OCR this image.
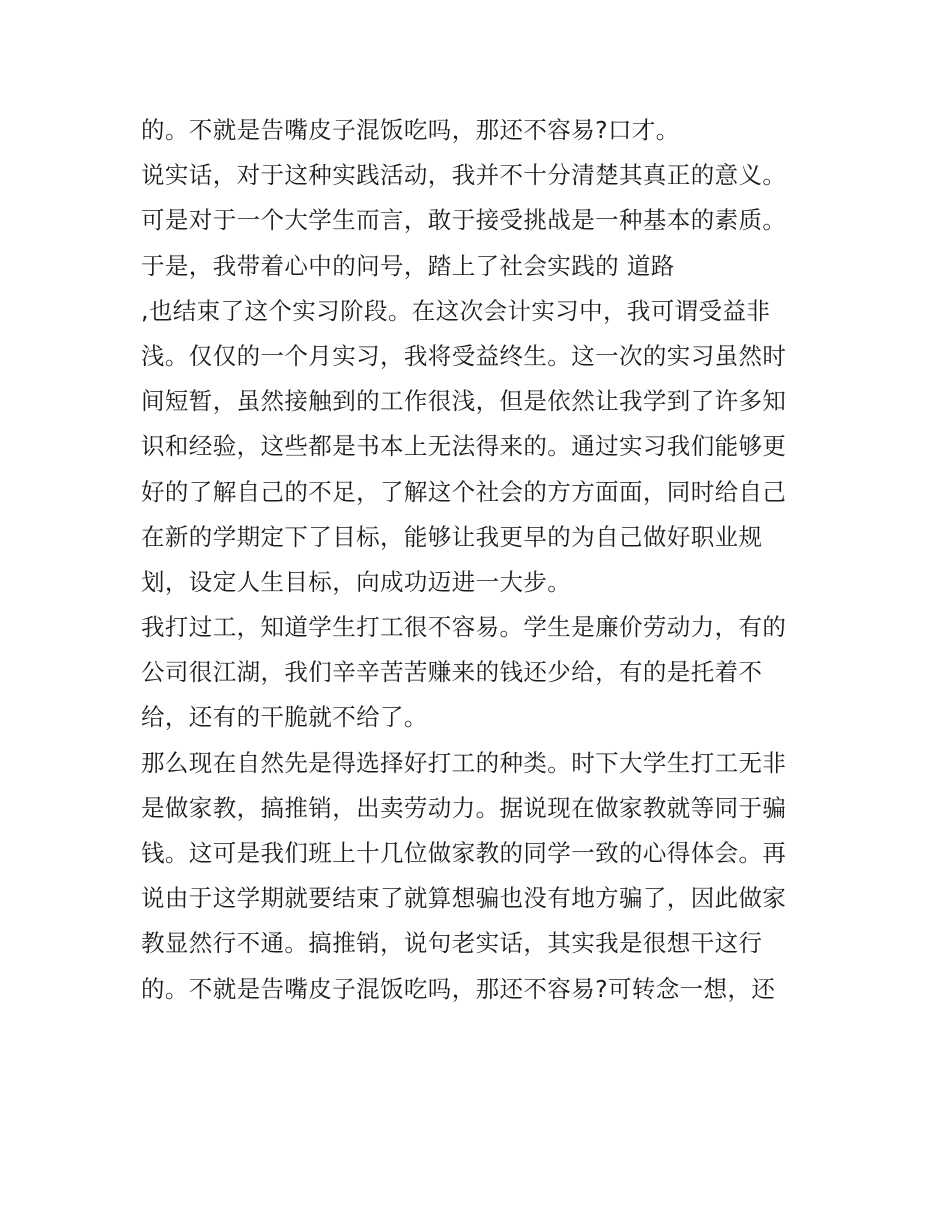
的。不就是告嘴皮子混饭吃吗，那还不容易?口才。
说实话，对于这种实践活动，我并不十分清楚其真正的意义。
可是对于一个大学生而言，敢于接受挑战是一种基本的素质。
于是，我带着心中的问号，踏上了社会实践的 道路
,也结束了这个实习阶段。在这次会计实习中，我可谓受益非
浅。仅仅的一个月实习，我将受益终生。这一次的实习虽然时
间短暂，虽然接触到的工作很浅，但是依然让我学到了许多知
识和经验，这些都是书本上无法得来的。通过实习我们能够更
好的了解自己的不足，了解这个社会的方方面面，同时给自己
在新的学期定下了目标，能够让我更早的为自己做好职业规
划，设定人生目标，向成功迈进一大步。
我打过工，知道学生打工很不容易。学生是廉价劳动力，有的
公司很江湖，我们辛辛苦苦赚来的钱还少给，有的是托着不
给，还有的干脆就不给了。
那么现在自然先是得选择好打工的种类。时下大学生打工无非
是做家教，搞推销，出卖劳动力。据说现在做家教就等同于骗
钱。这可是我们班上十几位做家教的同学一致的心得体会。再
说由于这学期就要结束了就算想骗也没有地方骗了，因此做家
教显然行不通。搞推销，说句老实话，其实我是很想干这行
的。不就是告嘴皮子混饭吃吗，那还不容易?可转念一想，还
